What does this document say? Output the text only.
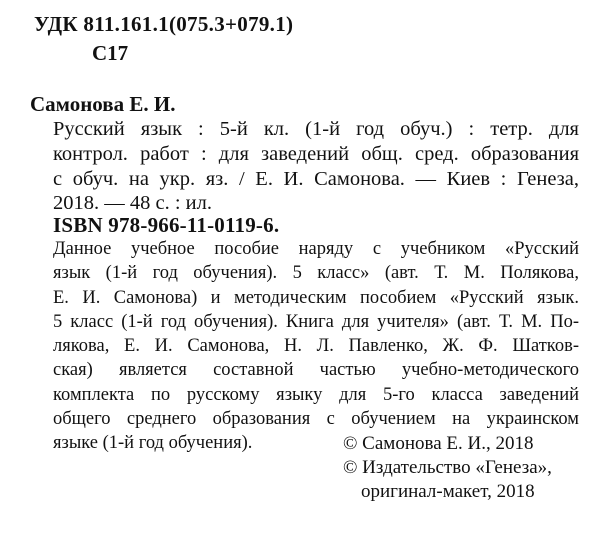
УДК 811.161.1(075.3+079.1)
С17
Самонова Е. И.
Русский язык : 5-й кл. (1-й год обуч.) : тетр. для
контрол. работ : для заведений общ. сред. образования
с обуч. на укр. яз. / Е. И. Самонова. — Киев : Генеза,
2018. — 48 с. : ил.
ISBN 978-966-11-0119-6.
Данное учебное пособие наряду с учебником «Русский
язык (1-й год обучения). 5 класс» (авт. Т. М. Полякова,
Е. И. Самонова) и методическим пособием «Русский язык.
5 класс (1-й год обучения). Книга для учителя» (авт. Т. М. По-
лякова, Е. И. Самонова, Н. Л. Павленко, Ж. Ф. Шатков-
ская) является составной частью учебно-методического
комплекта по русскому языку для 5-го класса заведений
общего среднего образования с обучением на украинском
языке (1-й год обучения).	© Самонова Е. И., 2018
© Издательство «Генеза»,
оригинал-макет, 2018
